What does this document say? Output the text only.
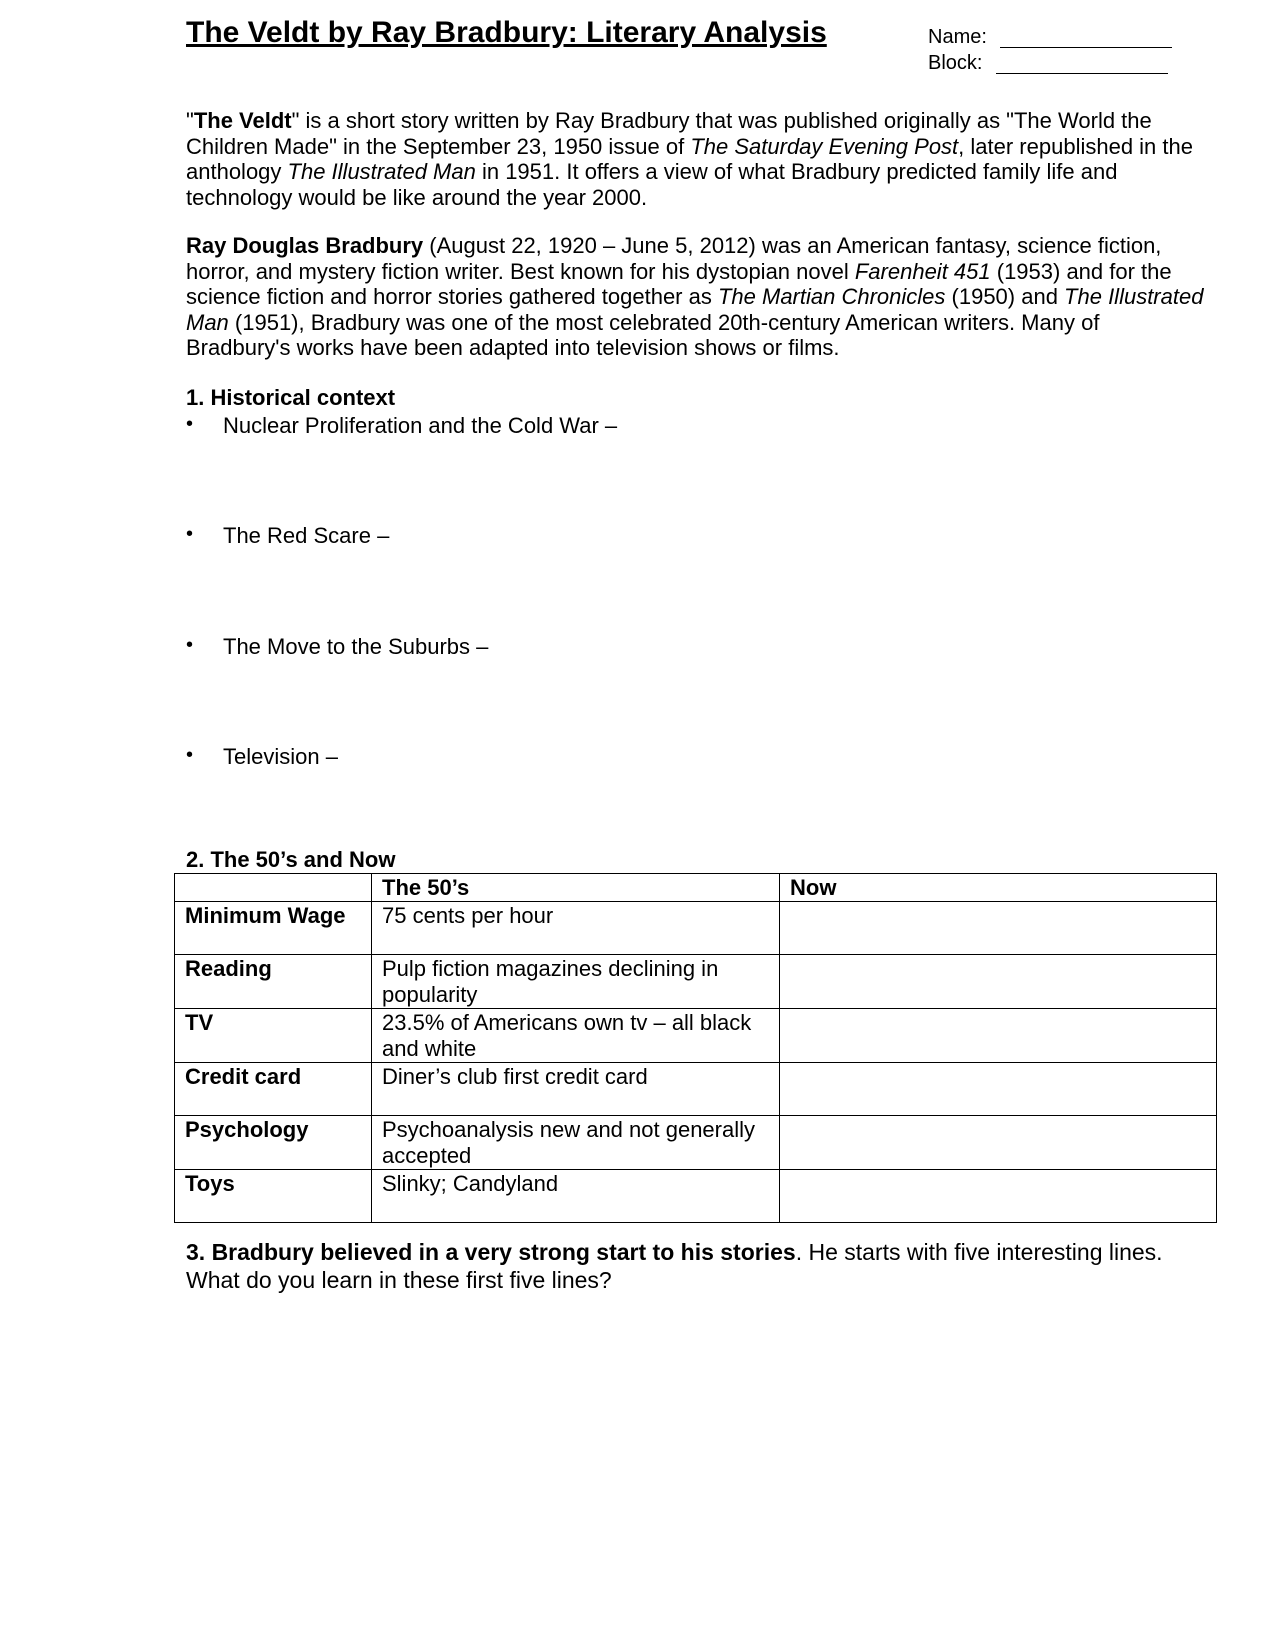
The Veldt by Ray Bradbury: Literary Analysis	Name:
Block:
"The Veldt" is a short story written by Ray Bradbury that was published originally as "The World the Children Made" in the September 23, 1950 issue of The Saturday Evening Post, later republished in the anthology The Illustrated Man in 1951. It offers a view of what Bradbury predicted family life and technology would be like around the year 2000.
Ray Douglas Bradbury (August 22, 1920 – June 5, 2012) was an American fantasy, science fiction, horror, and mystery fiction writer. Best known for his dystopian novel Farenheit 451 (1953) and for the science fiction and horror stories gathered together as The Martian Chronicles (1950) and The Illustrated Man (1951), Bradbury was one of the most celebrated 20th-century American writers. Many of Bradbury's works have been adapted into television shows or films.
1. Historical context
• Nuclear Proliferation and the Cold War –
• The Red Scare –
• The Move to the Suburbs –
• Television –
2. The 50’s and Now
	The 50’s	Now
Minimum Wage	75 cents per hour	
Reading	Pulp fiction magazines declining in popularity	
TV	23.5% of Americans own tv – all black and white	
Credit card	Diner’s club first credit card	
Psychology	Psychoanalysis new and not generally accepted	
Toys	Slinky; Candyland	
3. Bradbury believed in a very strong start to his stories. He starts with five interesting lines. What do you learn in these first five lines?
